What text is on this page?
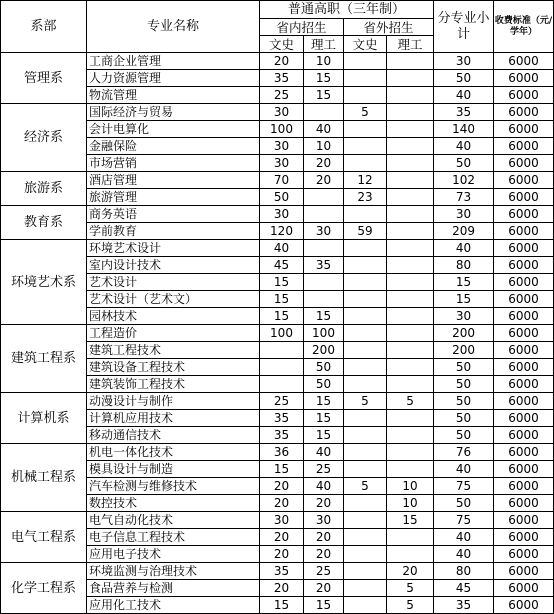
系部	专业名称	普通高职（三年制）				分专业小计	收费标准（元/学年）
		省内招生		省外招生			
		文史	理工	文史	理工		
管理系	工商企业管理	20	10			30	6000
	人力资源管理	35	15			50	6000
	物流管理	25	15			40	6000
经济系	国际经济与贸易	30		5		35	6000
	会计电算化	100	40			140	6000
	金融保险	30	10			40	6000
	市场营销	30	20			50	6000
旅游系	酒店管理	70	20	12		102	6000
	旅游管理	50		23		73	6000
教育系	商务英语	30				30	6000
	学前教育	120	30	59		209	6000
环境艺术系	环境艺术设计	40				40	6000
	室内设计技术	45	35			80	6000
	艺术设计	15				15	6000
	艺术设计（艺术文）	15				15	6000
	园林技术	15	15			30	6000
建筑工程系	工程造价	100	100			200	6000
	建筑工程技术		200			200	6000
	建筑设备工程技术		50			50	6000
	建筑装饰工程技术		50			50	6000
计算机系	动漫设计与制作	25	15	5	5	50	6000
	计算机应用技术	35	15			50	6000
	移动通信技术	35	15			50	6000
机械工程系	机电一体化技术	36	40			76	6000
	模具设计与制造	15	25			40	6000
	汽车检测与维修技术	20	40	5	10	75	6000
	数控技术	20	20		10	50	6000
电气工程系	电气自动化技术	30	30		15	75	6000
	电子信息工程技术	20	20			40	6000
	应用电子技术	20	20			40	6000
化学工程系	环境监测与治理技术	35	25		20	80	6000
	食品营养与检测	20	20		5	45	6000
	应用化工技术	15	15		5	35	6000
